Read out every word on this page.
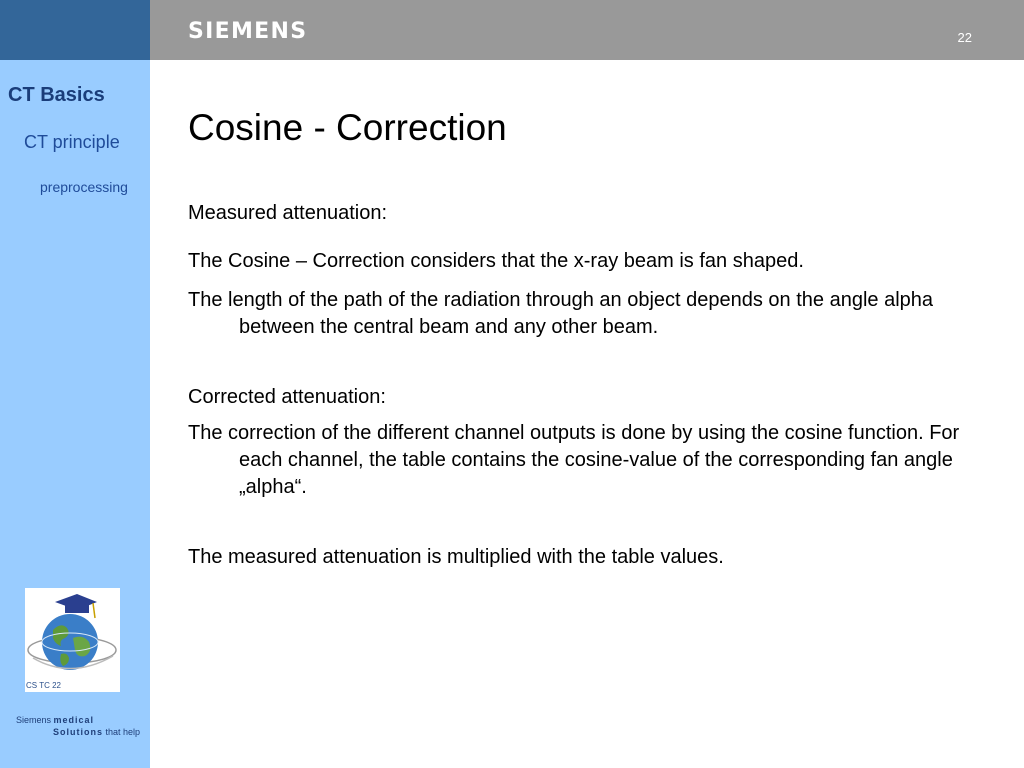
SIEMENS	22
CT Basics
CT principle
preprocessing
CS TC 22
Siemens medical
Solutions that help
Cosine - Correction

Measured attenuation:

The Cosine – Correction considers that the x-ray beam is fan shaped.

The length of the path of the radiation through an object depends on the angle alpha between the central beam and any other beam.

Corrected attenuation:

The correction of the different channel outputs is done by using the cosine function. For each channel, the table contains the cosine-value of the corresponding fan angle „alpha“.

The measured attenuation is multiplied with the table values.
